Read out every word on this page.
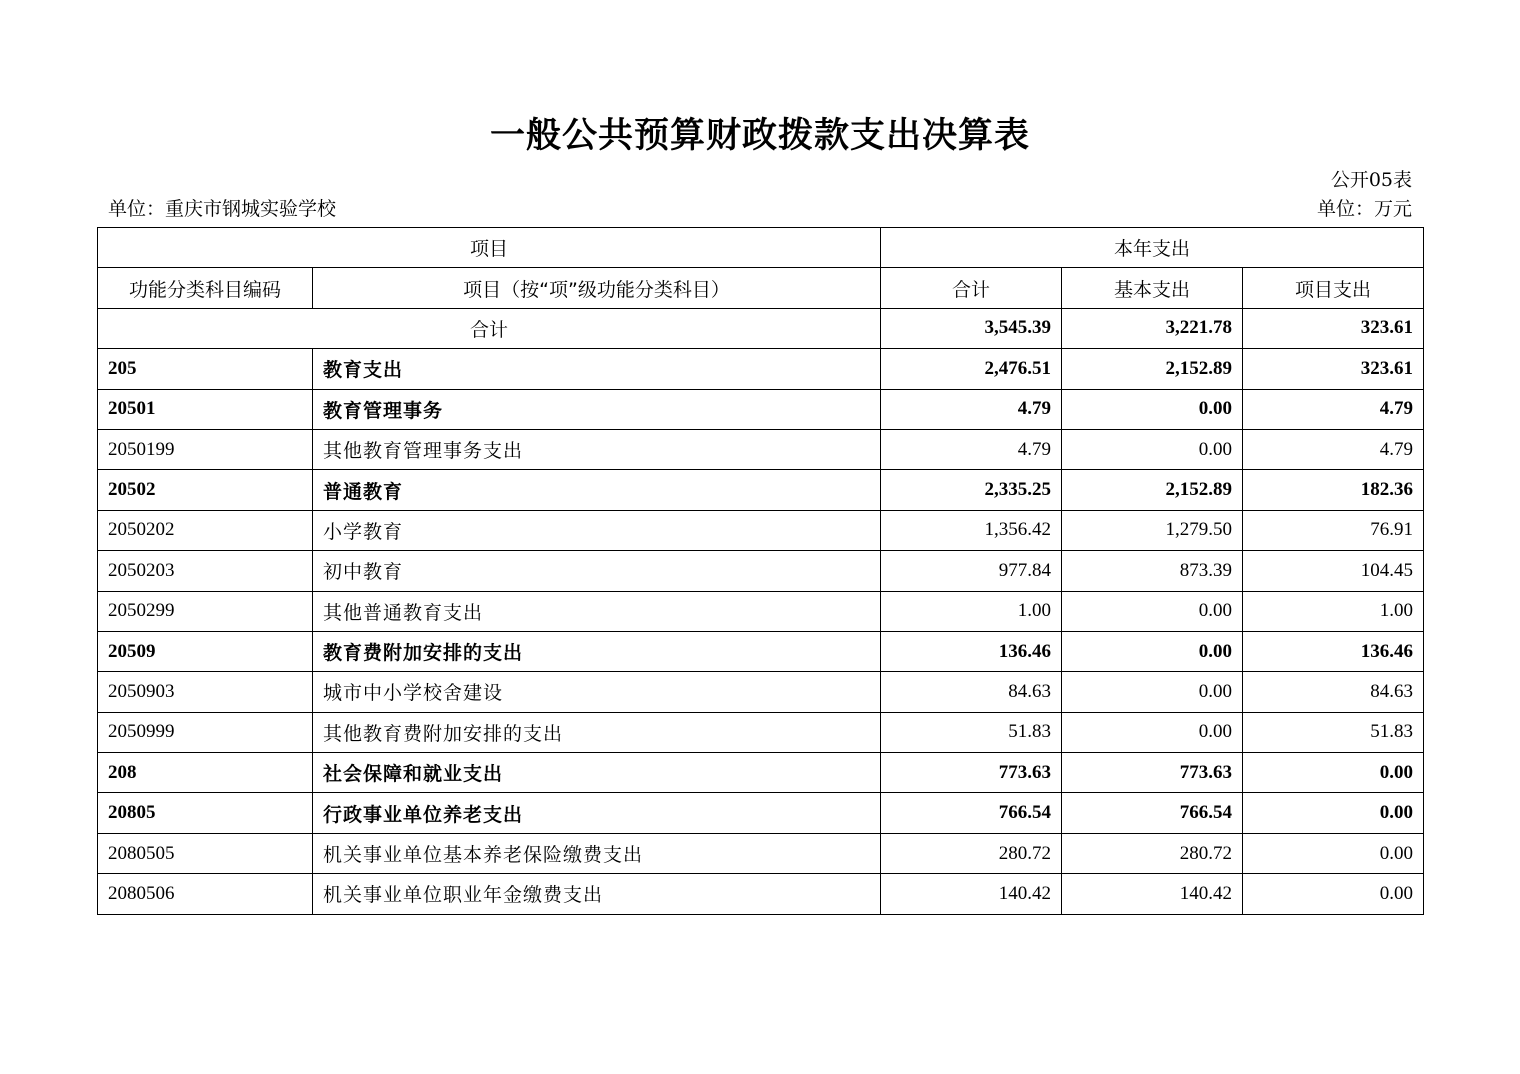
一般公共预算财政拨款支出决算表
公开05表
单位：重庆市钢城实验学校	单位：万元
项目		本年支出		
功能分类科目编码	项目（按“项”级功能分类科目）	合计	基本支出	项目支出
合计		3,545.39	3,221.78	323.61
205	教育支出	2,476.51	2,152.89	323.61
20501	教育管理事务	4.79	0.00	4.79
2050199	其他教育管理事务支出	4.79	0.00	4.79
20502	普通教育	2,335.25	2,152.89	182.36
2050202	小学教育	1,356.42	1,279.50	76.91
2050203	初中教育	977.84	873.39	104.45
2050299	其他普通教育支出	1.00	0.00	1.00
20509	教育费附加安排的支出	136.46	0.00	136.46
2050903	城市中小学校舍建设	84.63	0.00	84.63
2050999	其他教育费附加安排的支出	51.83	0.00	51.83
208	社会保障和就业支出	773.63	773.63	0.00
20805	行政事业单位养老支出	766.54	766.54	0.00
2080505	机关事业单位基本养老保险缴费支出	280.72	280.72	0.00
2080506	机关事业单位职业年金缴费支出	140.42	140.42	0.00
